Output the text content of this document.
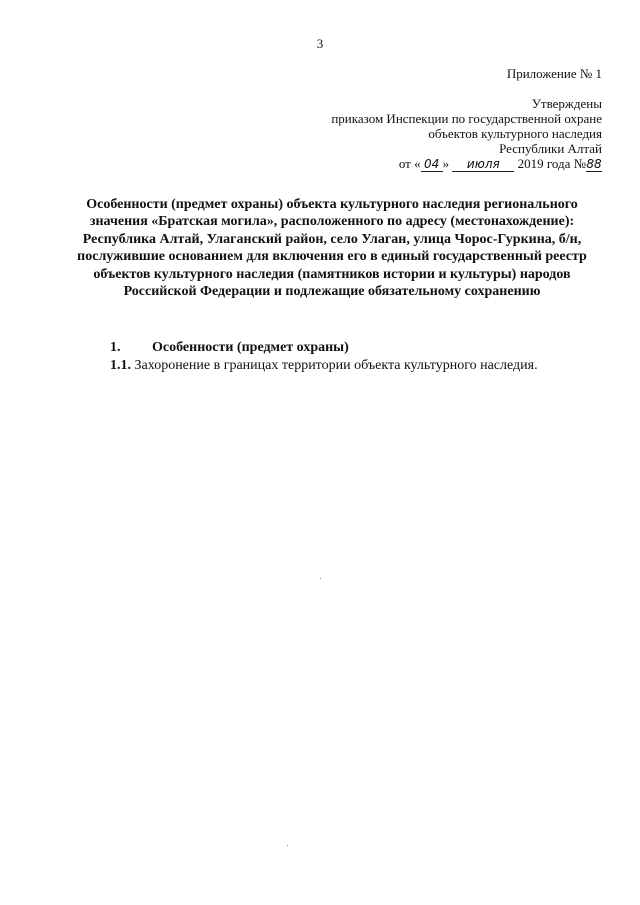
3
Приложение № 1
Утверждены
приказом Инспекции по государственной охране
объектов культурного наследия
Республики Алтай
от « 04 » июля 2019 года №88
Особенности (предмет охраны) объекта культурного наследия регионального значения «Братская могила», расположенного по адресу (местонахождение): Республика Алтай, Улаганский район, село Улаган, улица Чорос-Гуркина, б/н, послужившие основанием для включения его в единый государственный реестр объектов культурного наследия (памятников истории и культуры) народов Российской Федерации и подлежащие обязательному сохранению
1. Особенности (предмет охраны)
1.1. Захоронение в границах территории объекта культурного наследия.
